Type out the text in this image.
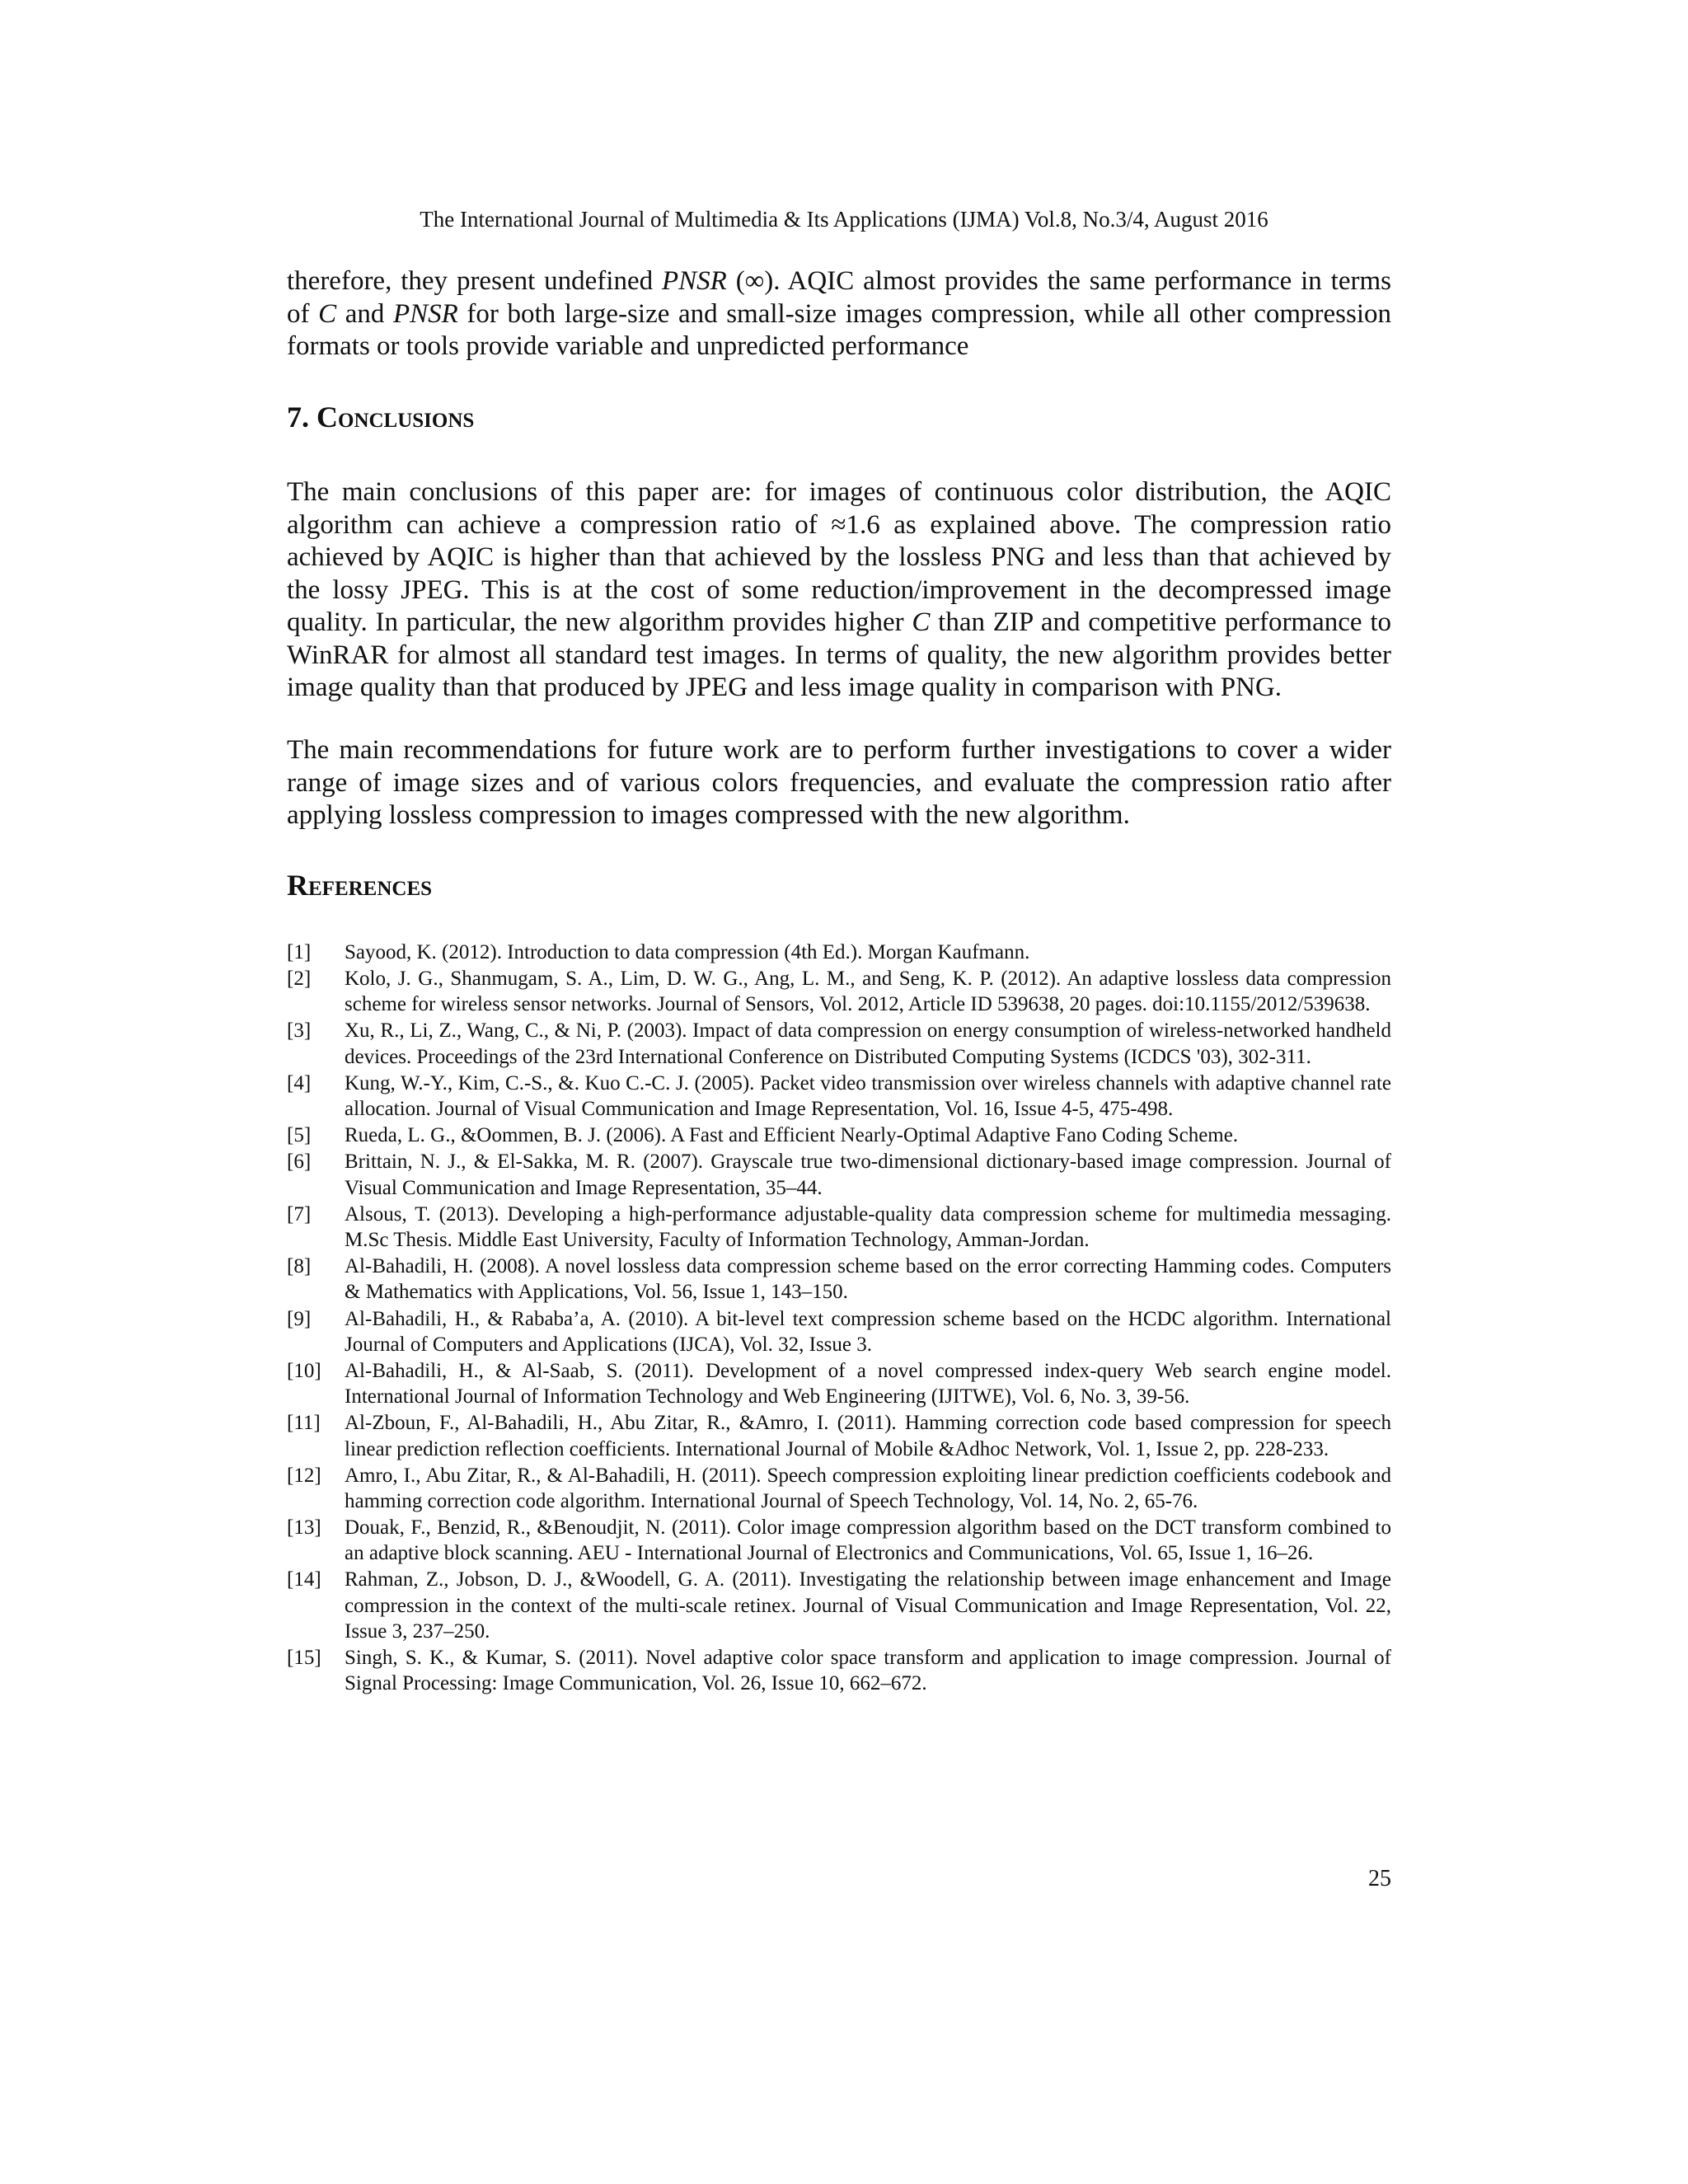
The International Journal of Multimedia & Its Applications (IJMA) Vol.8, No.3/4, August 2016

therefore, they present undefined PNSR (∞). AQIC almost provides the same performance in terms of C and PNSR for both large-size and small-size images compression, while all other compression formats or tools provide variable and unpredicted performance

7. Conclusions

The main conclusions of this paper are: for images of continuous color distribution, the AQIC algorithm can achieve a compression ratio of ≈1.6 as explained above. The compression ratio achieved by AQIC is higher than that achieved by the lossless PNG and less than that achieved by the lossy JPEG. This is at the cost of some reduction/improvement in the decompressed image quality. In particular, the new algorithm provides higher C than ZIP and competitive performance to WinRAR for almost all standard test images. In terms of quality, the new algorithm provides better image quality than that produced by JPEG and less image quality in comparison with PNG.

The main recommendations for future work are to perform further investigations to cover a wider range of image sizes and of various colors frequencies, and evaluate the compression ratio after applying lossless compression to images compressed with the new algorithm.

References
[1] Sayood, K. (2012). Introduction to data compression (4th Ed.). Morgan Kaufmann.
[2] Kolo, J. G., Shanmugam, S. A., Lim, D. W. G., Ang, L. M., and Seng, K. P. (2012). An adaptive lossless data compression scheme for wireless sensor networks. Journal of Sensors, Vol. 2012, Article ID 539638, 20 pages. doi:10.1155/2012/539638.
[3] Xu, R., Li, Z., Wang, C., & Ni, P. (2003). Impact of data compression on energy consumption of wireless-networked handheld devices. Proceedings of the 23rd International Conference on Distributed Computing Systems (ICDCS '03), 302-311.
[4] Kung, W.-Y., Kim, C.-S., &. Kuo C.-C. J. (2005). Packet video transmission over wireless channels with adaptive channel rate allocation. Journal of Visual Communication and Image Representation, Vol. 16, Issue 4-5, 475-498.
[5] Rueda, L. G., &Oommen, B. J. (2006). A Fast and Efficient Nearly-Optimal Adaptive Fano Coding Scheme.
[6] Brittain, N. J., & El-Sakka, M. R. (2007). Grayscale true two-dimensional dictionary-based image compression. Journal of Visual Communication and Image Representation, 35–44.
[7] Alsous, T. (2013). Developing a high-performance adjustable-quality data compression scheme for multimedia messaging. M.Sc Thesis. Middle East University, Faculty of Information Technology, Amman-Jordan.
[8] Al-Bahadili, H. (2008). A novel lossless data compression scheme based on the error correcting Hamming codes. Computers & Mathematics with Applications, Vol. 56, Issue 1, 143–150.
[9] Al-Bahadili, H., & Rababa’a, A. (2010). A bit-level text compression scheme based on the HCDC algorithm. International Journal of Computers and Applications (IJCA), Vol. 32, Issue 3.
[10] Al-Bahadili, H., & Al-Saab, S. (2011). Development of a novel compressed index-query Web search engine model. International Journal of Information Technology and Web Engineering (IJITWE), Vol. 6, No. 3, 39-56.
[11] Al-Zboun, F., Al-Bahadili, H., Abu Zitar, R., &Amro, I. (2011). Hamming correction code based compression for speech linear prediction reflection coefficients. International Journal of Mobile &Adhoc Network, Vol. 1, Issue 2, pp. 228-233.
[12] Amro, I., Abu Zitar, R., & Al-Bahadili, H. (2011). Speech compression exploiting linear prediction coefficients codebook and hamming correction code algorithm. International Journal of Speech Technology, Vol. 14, No. 2, 65-76.
[13] Douak, F., Benzid, R., &Benoudjit, N. (2011). Color image compression algorithm based on the DCT transform combined to an adaptive block scanning. AEU - International Journal of Electronics and Communications, Vol. 65, Issue 1, 16–26.
[14] Rahman, Z., Jobson, D. J., &Woodell, G. A. (2011). Investigating the relationship between image enhancement and Image compression in the context of the multi-scale retinex. Journal of Visual Communication and Image Representation, Vol. 22, Issue 3, 237–250.
[15] Singh, S. K., & Kumar, S. (2011). Novel adaptive color space transform and application to image compression. Journal of Signal Processing: Image Communication, Vol. 26, Issue 10, 662–672.
25
